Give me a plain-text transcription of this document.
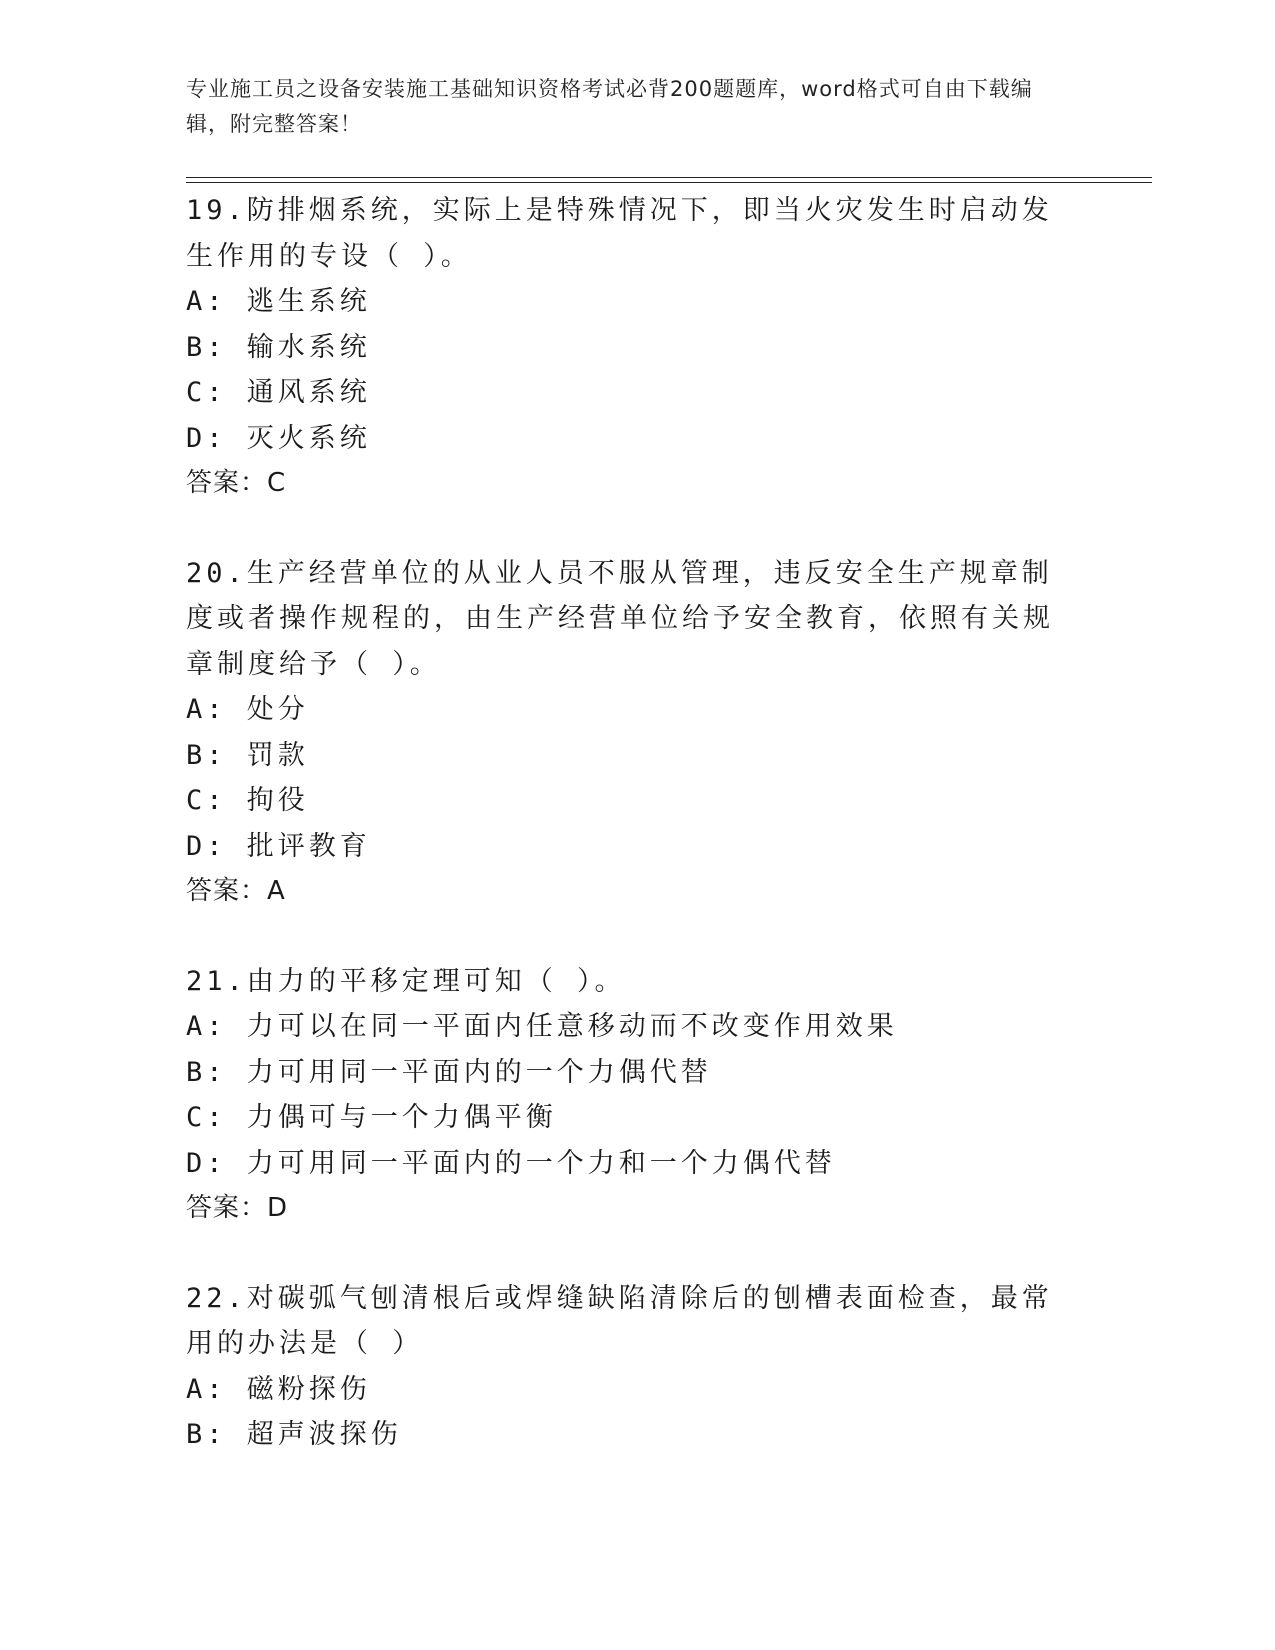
专业施工员之设备安装施工基础知识资格考试必背200题题库，word格式可自由下载编辑，附完整答案！
19.防排烟系统，实际上是特殊情况下，即当火灾发生时启动发生作用的专设（ ）。
A: 逃生系统
B: 输水系统
C: 通风系统
D: 灭火系统
答案：C
20.生产经营单位的从业人员不服从管理，违反安全生产规章制度或者操作规程的，由生产经营单位给予安全教育，依照有关规章制度给予（ ）。
A: 处分
B: 罚款
C: 拘役
D: 批评教育
答案：A
21.由力的平移定理可知（ ）。
A: 力可以在同一平面内任意移动而不改变作用效果
B: 力可用同一平面内的一个力偶代替
C: 力偶可与一个力偶平衡
D: 力可用同一平面内的一个力和一个力偶代替
答案：D
22.对碳弧气刨清根后或焊缝缺陷清除后的刨槽表面检查，最常用的办法是（ ）
A: 磁粉探伤
B: 超声波探伤
